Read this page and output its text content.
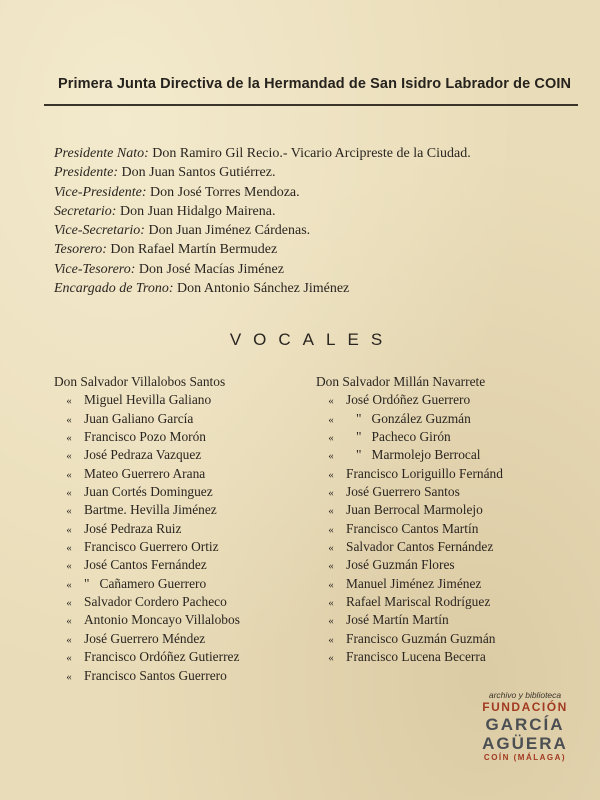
Primera Junta Directiva de la Hermandad de San Isidro Labrador de COIN
Presidente Nato: Don Ramiro Gil Recio.- Vicario Arcipreste de la Ciudad.
Presidente: Don Juan Santos Gutiérrez.
Vice-Presidente: Don José Torres Mendoza.
Secretario: Don Juan Hidalgo Mairena.
Vice-Secretario: Don Juan Jiménez Cárdenas.
Tesorero: Don Rafael Martín Bermudez
Vice-Tesorero: Don José Macías Jiménez
Encargado de Trono: Don Antonio Sánchez Jiménez
VOCALES
Don Salvador Villalobos Santos
« Miguel Hevilla Galiano
« Juan Galiano García
« Francisco Pozo Morón
« José Pedraza Vazquez
« Mateo Guerrero Arana
« Juan Cortés Dominguez
« Bartme. Hevilla Jiménez
« José Pedraza Ruiz
« Francisco Guerrero Ortiz
« José Cantos Fernández
« "   Cañamero Guerrero
« Salvador Cordero Pacheco
« Antonio Moncayo Villalobos
« José Guerrero Méndez
« Francisco Ordóñez Gutierrez
« Francisco Santos Guerrero
Don Salvador Millán Navarrete
« José Ordóñez Guerrero
«   "   González Guzmán
«   "   Pacheco Girón
«   "   Marmolejo Berrocal
« Francisco Loriguillo Fernánd
« José Guerrero Santos
« Juan Berrocal Marmolejo
« Francisco Cantos Martín
« Salvador Cantos Fernández
« José Guzmán Flores
« Manuel Jiménez Jiménez
« Rafael Mariscal Rodríguez
« José Martín Martín
« Francisco Guzmán Guzmán
« Francisco Lucena Becerra
archivo y biblioteca
FUNDACIÓN
GARCÍA
AGÜERA
COÍN (MÁLAGA)
